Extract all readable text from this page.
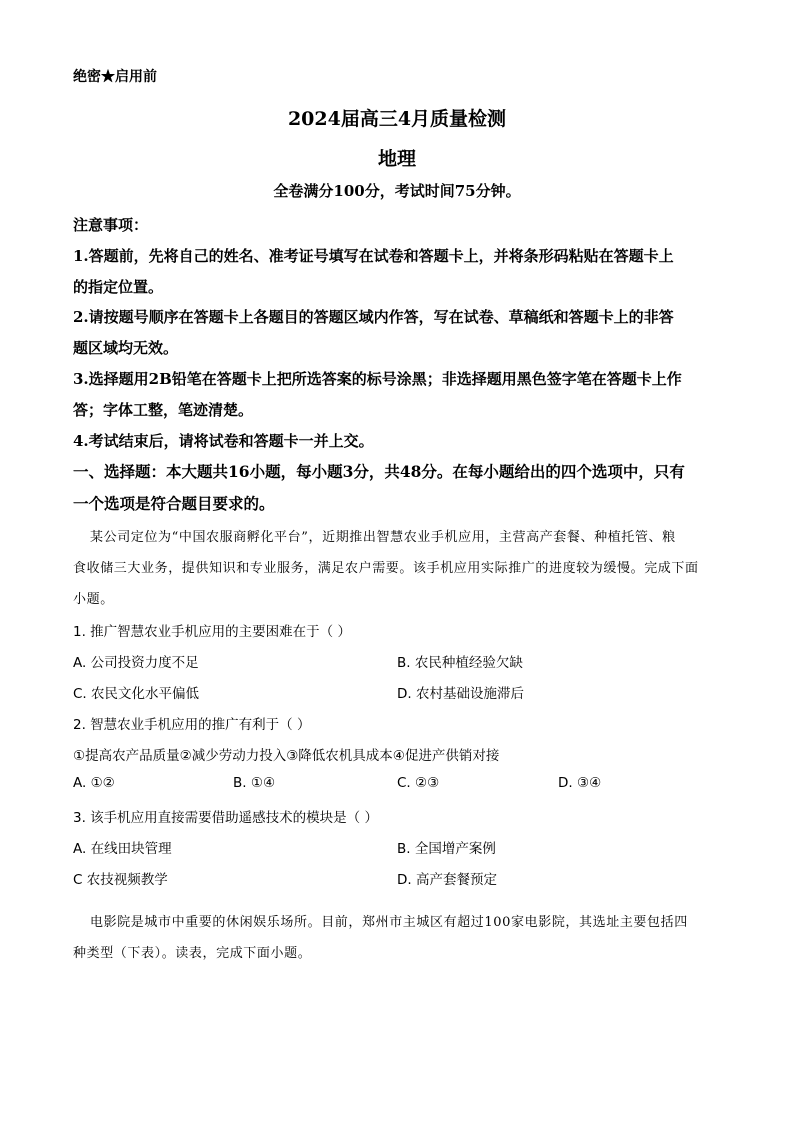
绝密★启用前
2024届高三4月质量检测
地理
全卷满分100分，考试时间75分钟。
注意事项：
1.答题前，先将自己的姓名、准考证号填写在试卷和答题卡上，并将条形码粘贴在答题卡上
的指定位置。
2.请按题号顺序在答题卡上各题目的答题区域内作答，写在试卷、草稿纸和答题卡上的非答
题区域均无效。
3.选择题用2B铅笔在答题卡上把所选答案的标号涂黑；非选择题用黑色签字笔在答题卡上作
答；字体工整，笔迹清楚。
4.考试结束后，请将试卷和答题卡一并上交。
一、选择题：本大题共16小题，每小题3分，共48分。在每小题给出的四个选项中，只有
一个选项是符合题目要求的。
某公司定位为“中国农服商孵化平台”，近期推出智慧农业手机应用，主营高产套餐、种植托管、粮
食收储三大业务，提供知识和专业服务，满足农户需要。该手机应用实际推广的进度较为缓慢。完成下面
小题。
1. 推广智慧农业手机应用的主要困难在于（ ）
A. 公司投资力度不足	B. 农民种植经验欠缺
C. 农民文化水平偏低	D. 农村基础设施滞后
2. 智慧农业手机应用的推广有利于（ ）
①提高农产品质量②减少劳动力投入③降低农机具成本④促进产供销对接
A. ①②	B. ①④	C. ②③	D. ③④
3. 该手机应用直接需要借助遥感技术的模块是（ ）
A. 在线田块管理	B. 全国增产案例
C 农技视频教学	D. 高产套餐预定
电影院是城市中重要的休闲娱乐场所。目前，郑州市主城区有超过100家电影院，其选址主要包括四
种类型（下表）。读表，完成下面小题。
